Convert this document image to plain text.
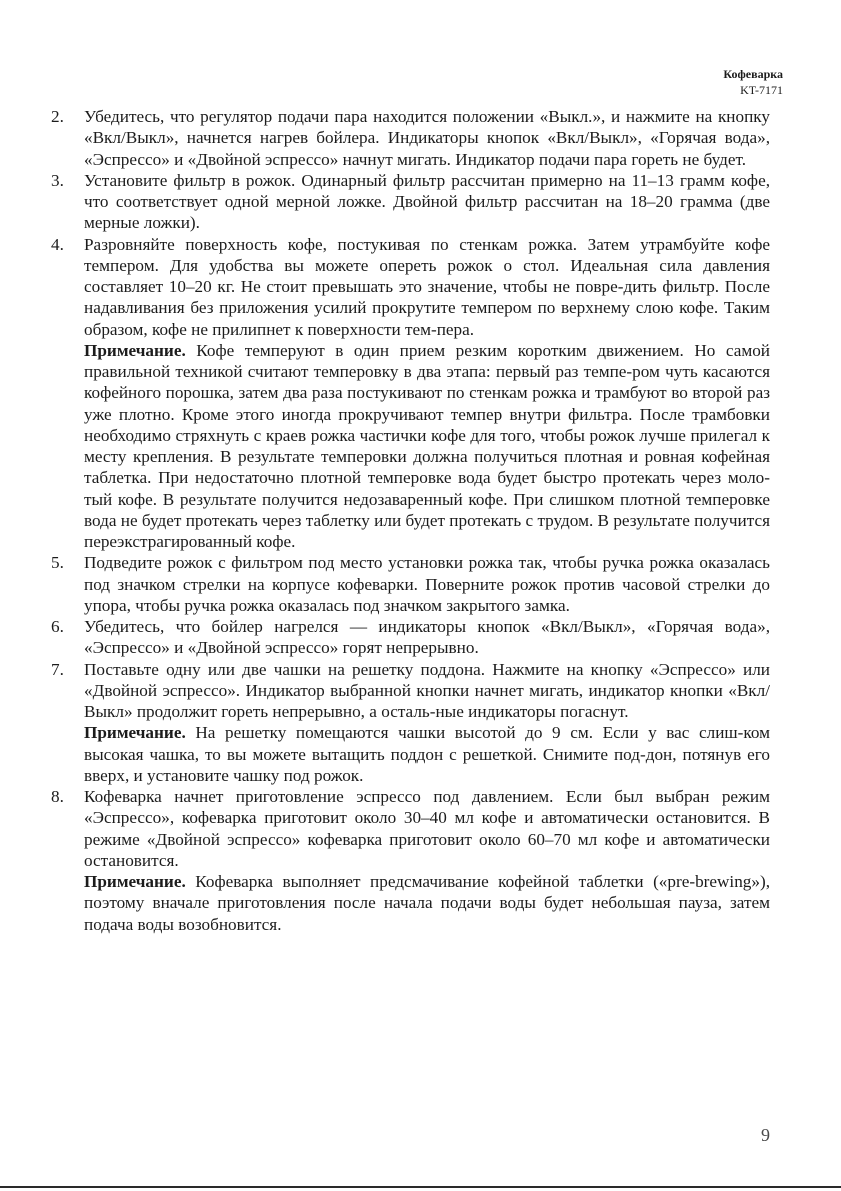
Кофеварка
KT-7171
2. Убедитесь, что регулятор подачи пара находится положении «Выкл.», и нажмите на кнопку «Вкл/Выкл», начнется нагрев бойлера. Индикаторы кнопок «Вкл/Выкл», «Горячая вода», «Эспрессо» и «Двойной эспрессо» начнут мигать. Индикатор подачи пара гореть не будет.
3. Установите фильтр в рожок. Одинарный фильтр рассчитан примерно на 11–13 грамм кофе, что соответствует одной мерной ложке. Двойной фильтр рассчитан на 18–20 грамма (две мерные ложки).
4. Разровняйте поверхность кофе, постукивая по стенкам рожка. Затем утрамбуйте кофе темпером. Для удобства вы можете опереть рожок о стол. Идеальная сила давления составляет 10–20 кг. Не стоит превышать это значение, чтобы не повре-дить фильтр. После надавливания без приложения усилий прокрутите темпером по верхнему слою кофе. Таким образом, кофе не прилипнет к поверхности тем-пера.
Примечание. Кофе темперуют в один прием резким коротким движением. Но самой правильной техникой считают темперовку в два этапа: первый раз темпе-ром чуть касаются кофейного порошка, затем два раза постукивают по стенкам рожка и трамбуют во второй раз уже плотно. Кроме этого иногда прокручивают темпер внутри фильтра. После трамбовки необходимо стряхнуть с краев рожка частички кофе для того, чтобы рожок лучше прилегал к месту крепления. В результате темперовки должна получиться плотная и ровная кофейная таблетка. При недостаточно плотной темперовке вода будет быстро протекать через моло-тый кофе. В результате получится недозаваренный кофе. При слишком плотной темперовке вода не будет протекать через таблетку или будет протекать с трудом. В результате получится переэкстрагированный кофе.
5. Подведите рожок с фильтром под место установки рожка так, чтобы ручка рожка оказалась под значком стрелки на корпусе кофеварки. Поверните рожок против часовой стрелки до упора, чтобы ручка рожка оказалась под значком закрытого замка.
6. Убедитесь, что бойлер нагрелся — индикаторы кнопок «Вкл/Выкл», «Горячая вода», «Эспрессо» и «Двойной эспрессо» горят непрерывно.
7. Поставьте одну или две чашки на решетку поддона. Нажмите на кнопку «Эспрессо» или «Двойной эспрессо». Индикатор выбранной кнопки начнет мигать, индикатор кнопки «Вкл/Выкл» продолжит гореть непрерывно, а осталь-ные индикаторы погаснут.
Примечание. На решетку помещаются чашки высотой до 9 см. Если у вас слиш-ком высокая чашка, то вы можете вытащить поддон с решеткой. Снимите под-дон, потянув его вверх, и установите чашку под рожок.
8. Кофеварка начнет приготовление эспрессо под давлением. Если был выбран режим «Эспрессо», кофеварка приготовит около 30–40 мл кофе и автоматически остановится. В режиме «Двойной эспрессо» кофеварка приготовит около 60–70 мл кофе и автоматически остановится.
Примечание. Кофеварка выполняет предсмачивание кофейной таблетки («pre-brewing»), поэтому вначале приготовления после начала подачи воды будет небольшая пауза, затем подача воды возобновится.
9
